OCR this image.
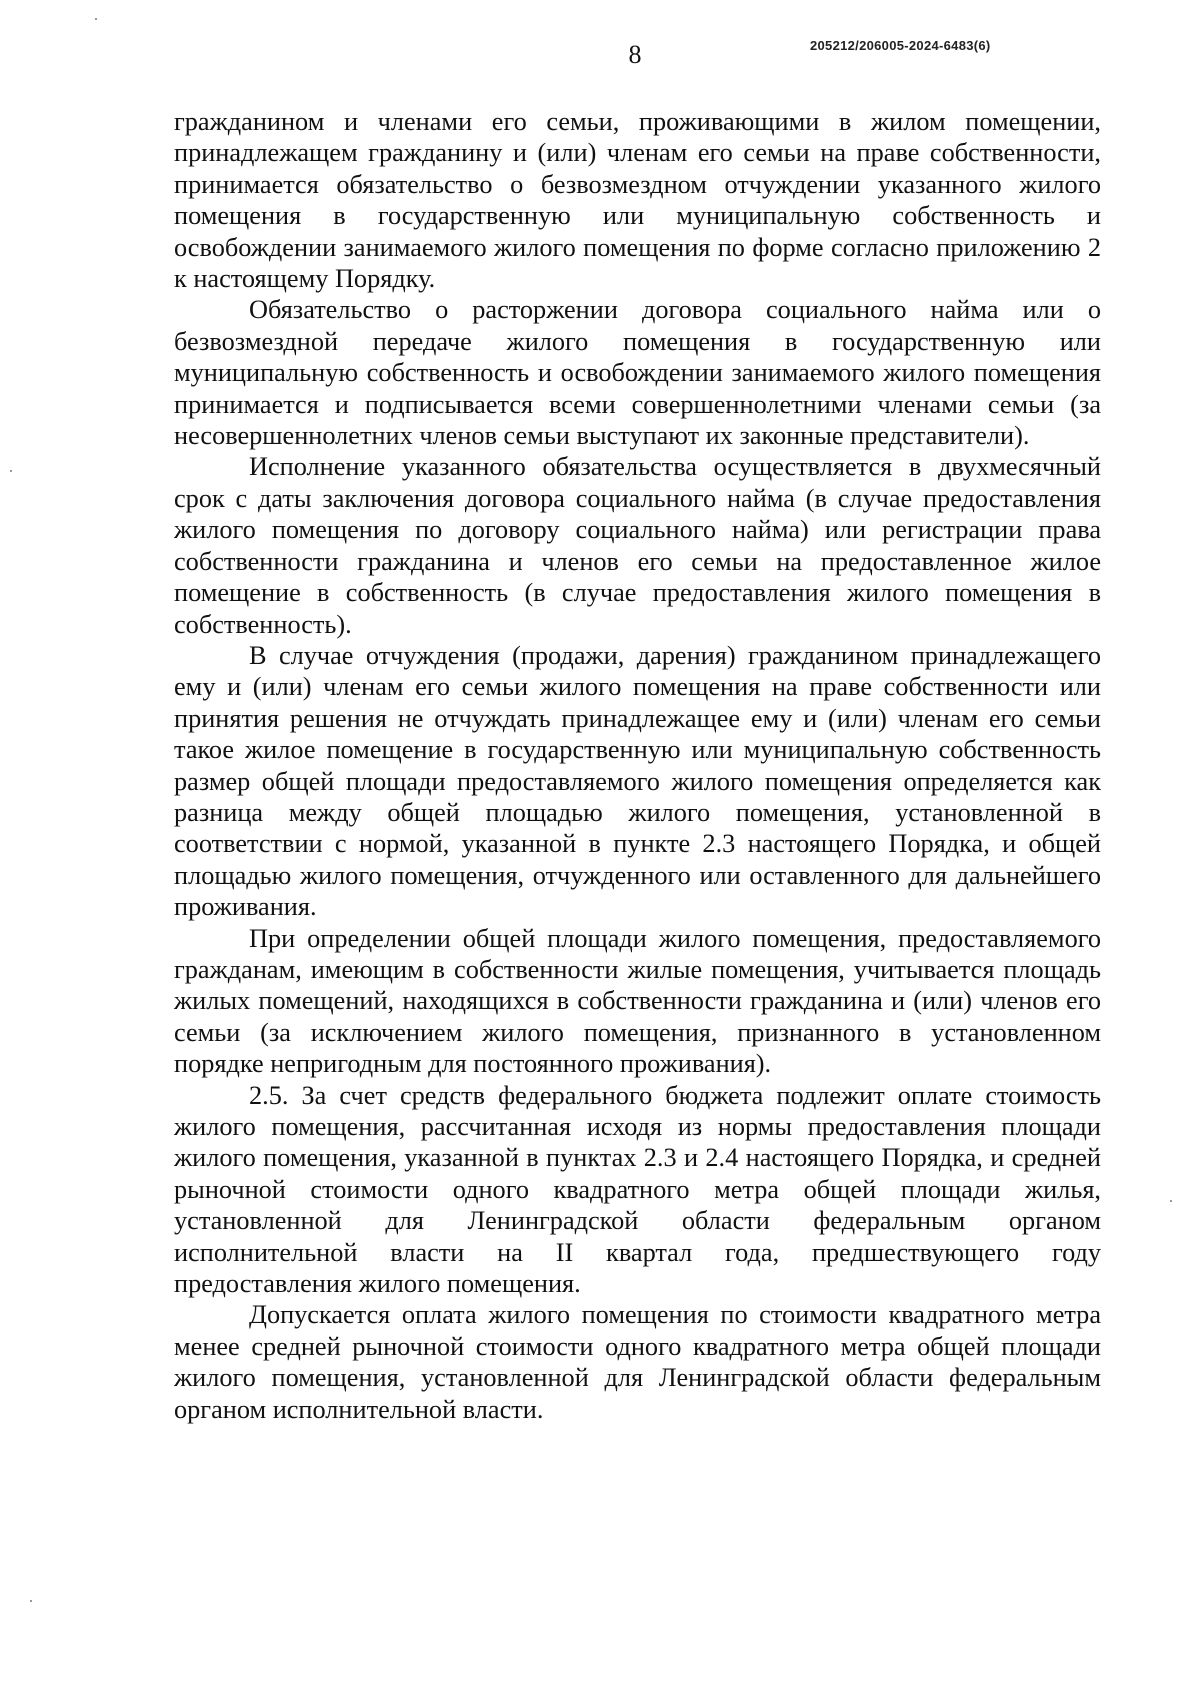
8	205212/206005-2024-6483(6)

гражданином и членами его семьи, проживающими в жилом помещении, принадлежащем гражданину и (или) членам его семьи на праве собственности, принимается обязательство о безвозмездном отчуждении указанного жилого помещения в государственную или муниципальную собственность и освобождении занимаемого жилого помещения по форме согласно приложению 2 к настоящему Порядку.

Обязательство о расторжении договора социального найма или о безвозмездной передаче жилого помещения в государственную или муниципальную собственность и освобождении занимаемого жилого помещения принимается и подписывается всеми совершеннолетними членами семьи (за несовершеннолетних членов семьи выступают их законные представители).

Исполнение указанного обязательства осуществляется в двухмесячный срок с даты заключения договора социального найма (в случае предоставления жилого помещения по договору социального найма) или регистрации права собственности гражданина и членов его семьи на предоставленное жилое помещение в собственность (в случае предоставления жилого помещения в собственность).

В случае отчуждения (продажи, дарения) гражданином принадлежащего ему и (или) членам его семьи жилого помещения на праве собственности или принятия решения не отчуждать принадлежащее ему и (или) членам его семьи такое жилое помещение в государственную или муниципальную собственность размер общей площади предоставляемого жилого помещения определяется как разница между общей площадью жилого помещения, установленной в соответствии с нормой, указанной в пункте 2.3 настоящего Порядка, и общей площадью жилого помещения, отчужденного или оставленного для дальнейшего проживания.

При определении общей площади жилого помещения, предоставляемого гражданам, имеющим в собственности жилые помещения, учитывается площадь жилых помещений, находящихся в собственности гражданина и (или) членов его семьи (за исключением жилого помещения, признанного в установленном порядке непригодным для постоянного проживания).

2.5. За счет средств федерального бюджета подлежит оплате стоимость жилого помещения, рассчитанная исходя из нормы предоставления площади жилого помещения, указанной в пунктах 2.3 и 2.4 настоящего Порядка, и средней рыночной стоимости одного квадратного метра общей площади жилья, установленной для Ленинградской области федеральным органом исполнительной власти на II квартал года, предшествующего году предоставления жилого помещения.

Допускается оплата жилого помещения по стоимости квадратного метра менее средней рыночной стоимости одного квадратного метра общей площади жилого помещения, установленной для Ленинградской области федеральным органом исполнительной власти.
